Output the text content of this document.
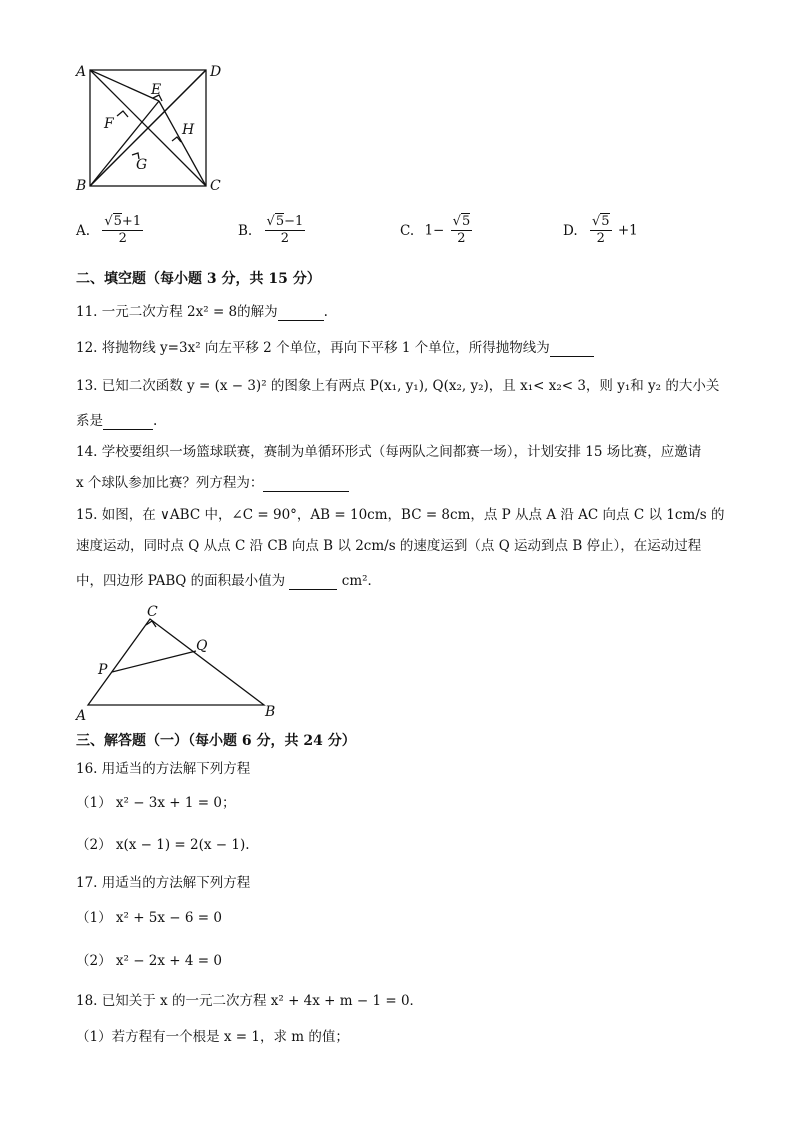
A	D
E
F	H
G
B	C
A. $\frac{√5+1}{2}$	B. $\frac{√5-1}{2}$	C. $1- \frac{√5}{2}$	D. $\frac{√5}{2} +1$
二、填空题（每小题 3 分，共 15 分）
11. 一元二次方程 2x² = 8的解为	.
12. 将抛物线 y=3x² 向左平移 2 个单位，再向下平移 1 个单位，所得抛物线为
13. 已知二次函数 y = (x − 3)² 的图象上有两点 P(x₁, y₁), Q(x₂, y₂)，且 x₁< x₂< 3，则 y₁和 y₂ 的大小关
系是	.
14. 学校要组织一场篮球联赛，赛制为单循环形式（每两队之间都赛一场），计划安排 15 场比赛，应邀请
x 个球队参加比赛？列方程为：
15. 如图，在 ∨ABC 中，∠C = 90°，AB = 10cm，BC = 8cm，点 P 从点 A 沿 AC 向点 C 以 1cm/s 的
速度运动，同时点 Q 从点 C 沿 CB 向点 B 以 2cm/s 的速度运到（点 Q 运动到点 B 停止），在运动过程
中，四边形 PABQ 的面积最小值为	cm²．
C
Q
P
A	B
三、解答题（一）（每小题 6 分，共 24 分）
16. 用适当的方法解下列方程
（1） x² − 3x + 1 = 0；
（2） x(x − 1) = 2(x − 1).
17. 用适当的方法解下列方程
（1） x² + 5x − 6 = 0
（2） x² − 2x + 4 = 0
18. 已知关于 x 的一元二次方程 x² + 4x + m − 1 = 0．
（1）若方程有一个根是 x = 1，求 m 的值；
